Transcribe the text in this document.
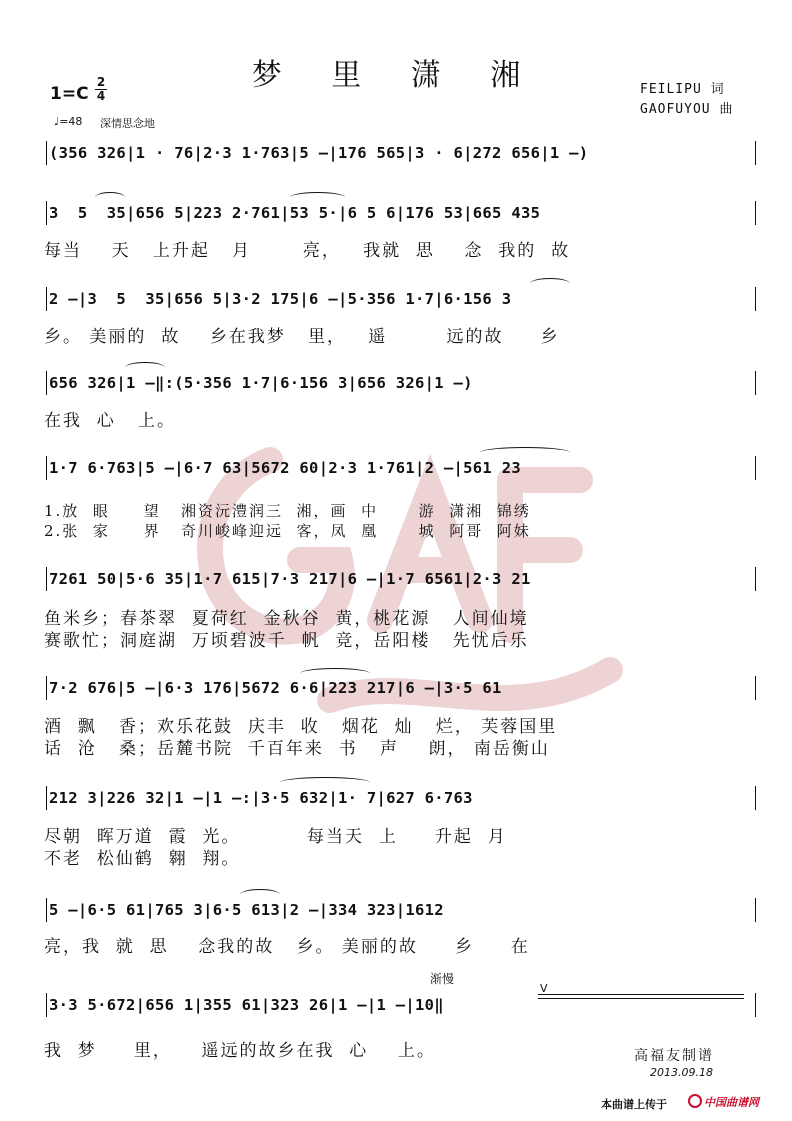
梦 里 潇 湘
1=C
2
4
♩=48 深情思念地
FEILIPU 词
GAOFUYOU 曲
(356 326|1 · 76|2·3 1·763|5 –|176 565|3 · 6|272 656|1 –)
3  5  35|656 5|223 2·761|53 5·|6 5 6|176 53|665 435
每当    天   上升起   月       亮，   我就  思    念  我的  故
2 –|3  5  35|656 5|3·2 175|6 –|5·356 1·7|6·156 3
乡。 美丽的  故    乡在我梦   里，   遥        远的故     乡
656 326|1 –‖:(5·356 1·7|6·156 3|656 326|1 –)
在我  心   上。
1·7 6·763|5 –|6·7 63|5672 60|2·3 1·761|2 –|561 23
1.放  眼     望   湘资沅澧润三  湘，画  中      游  潇湘  锦绣
2.张  家     界   奇川峻峰迎远  客，凤  凰      城  阿哥  阿妹
7261 50|5·6 35|1·7 615|7·3 217|6 –|1·7 6561|2·3 21
鱼米乡；春茶翠  夏荷红  金秋谷  黄，桃花源   人间仙境
赛歌忙；洞庭湖  万顷碧波千  帆  竞，岳阳楼   先忧后乐
7·2 676|5 –|6·3 176|5672 6·6|223 217|6 –|3·5 61
酒  飘   香；欢乐花鼓  庆丰  收   烟花  灿   烂， 芙蓉国里
话  沧   桑；岳麓书院  千百年来  书   声    朗， 南岳衡山
212 3|226 32|1 –|1 –:|3·5 632|1· 7|627 6·763
尽朝  晖万道  霞  光。         每当天  上     升起  月
不老  松仙鹤  翱  翔。
5 –|6·5 61|765 3|6·5 613|2 –|334 323|1612
亮，我  就  思    念我的故   乡。 美丽的故     乡     在
渐慢
V
3·3 5·672|656 1|355 61|323 26|1 –|1 –|10‖
我  梦     里，    遥远的故乡在我  心    上。	高福友制谱
2013.09.18
本曲谱上传于	中国曲谱网
